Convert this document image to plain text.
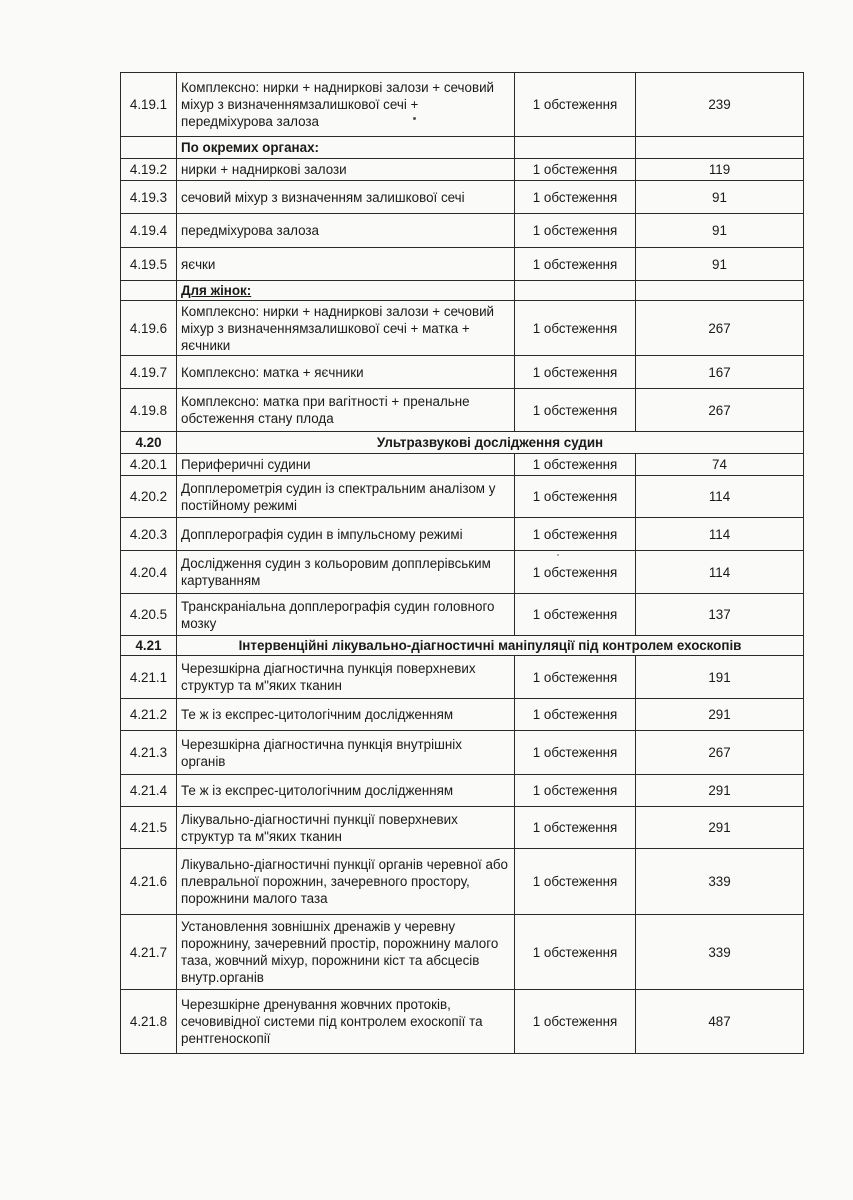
4.19.1	Комплексно: нирки + надниркові залози + сечовий міхур з визначеннямзалишкової сечі + передміхурова залоза	1 обстеження	239
	По окремих органах:		
4.19.2	нирки + надниркові залози	1 обстеження	119
4.19.3	сечовий міхур з визначенням залишкової сечі	1 обстеження	91
4.19.4	передміхурова залоза	1 обстеження	91
4.19.5	яєчки	1 обстеження	91
	Для жінок:		
4.19.6	Комплексно: нирки + надниркові залози + сечовий міхур з визначеннямзалишкової сечі + матка + яєчники	1 обстеження	267
4.19.7	Комплексно: матка + яєчники	1 обстеження	167
4.19.8	Комплексно: матка при вагітності + пренальне обстеження стану плода	1 обстеження	267
4.20	Ультразвукові дослідження судин		
4.20.1	Периферичні судини	1 обстеження	74
4.20.2	Допплерометрія судин із спектральним аналізом у постійному режимі	1 обстеження	114
4.20.3	Допплерографія судин в імпульсному режимі	1 обстеження	114
4.20.4	Дослідження судин з кольоровим допплерівським картуванням	1 обстеження	114
4.20.5	Транскраніальна допплерографія судин головного мозку	1 обстеження	137
4.21	Інтервенційні лікувально-діагностичні маніпуляції під контролем ехоскопів		
4.21.1	Черезшкірна діагностична пункція поверхневих структур та м"яких тканин	1 обстеження	191
4.21.2	Те ж із експрес-цитологічним дослідженням	1 обстеження	291
4.21.3	Черезшкірна діагностична пункція внутрішніх органів	1 обстеження	267
4.21.4	Те ж із експрес-цитологічним дослідженням	1 обстеження	291
4.21.5	Лікувально-діагностичні пункції поверхневих структур та м"яких тканин	1 обстеження	291
4.21.6	Лікувально-діагностичні пункції органів черевної або плевральної порожнин, зачеревного простору, порожнини малого таза	1 обстеження	339
4.21.7	Установлення зовнішніх дренажів у черевну порожнину, зачеревний простір, порожнину малого таза, жовчний міхур, порожнини кіст та абсцесів внутр.органів	1 обстеження	339
4.21.8	Черезшкірне дренування жовчних протоків, сечовивідної системи під контролем ехоскопії та рентгеноскопії	1 обстеження	487
